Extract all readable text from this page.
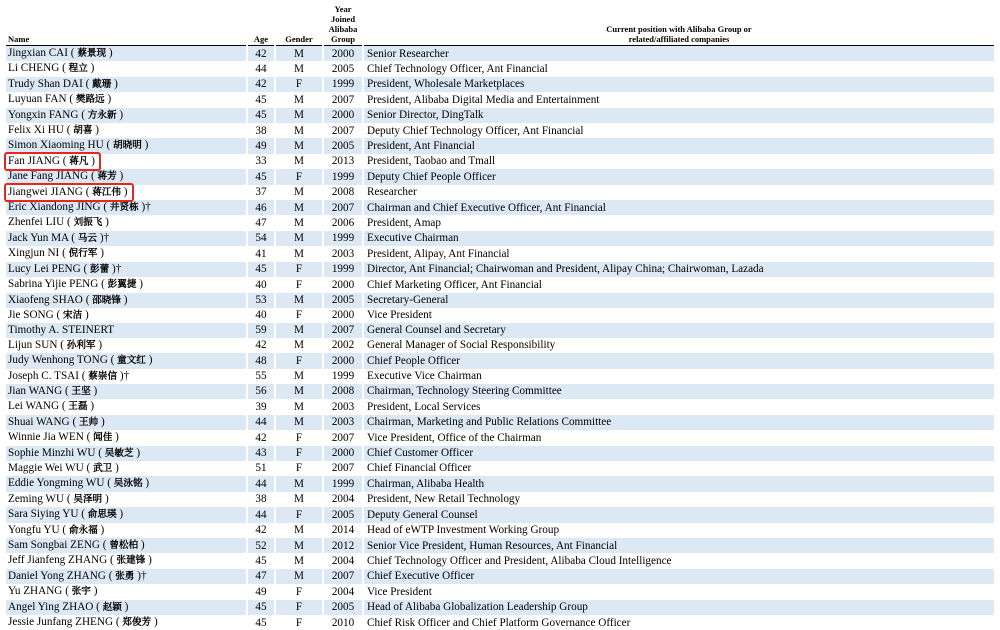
Name	Age	Gender	Year
Joined
Alibaba
Group	Current position with Alibaba Group or
related/affiliated companies

Jingxian CAI ( 蔡景现 )	42	M	2000	Senior Researcher
Li CHENG ( 程立 )	44	M	2005	Chief Technology Officer, Ant Financial
Trudy Shan DAI ( 戴珊 )	42	F	1999	President, Wholesale Marketplaces
Luyuan FAN ( 樊路远 )	45	M	2007	President, Alibaba Digital Media and Entertainment
Yongxin FANG ( 方永新 )	45	M	2000	Senior Director, DingTalk
Felix Xi HU ( 胡喜 )	38	M	2007	Deputy Chief Technology Officer, Ant Financial
Simon Xiaoming HU ( 胡晓明 )	49	M	2005	President, Ant Financial
Fan JIANG ( 蒋凡 )	33	M	2013	President, Taobao and Tmall
Jane Fang JIANG ( 蒋芳 )	45	F	1999	Deputy Chief People Officer
Jiangwei JIANG ( 蒋江伟 )	37	M	2008	Researcher
Eric Xiandong JING ( 井贤栋 )†	46	M	2007	Chairman and Chief Executive Officer, Ant Financial
Zhenfei LIU ( 刘振飞 )	47	M	2006	President, Amap
Jack Yun MA ( 马云 )†	54	M	1999	Executive Chairman
Xingjun NI ( 倪行军 )	41	M	2003	President, Alipay, Ant Financial
Lucy Lei PENG ( 彭蕾 )†	45	F	1999	Director, Ant Financial; Chairwoman and President, Alipay China; Chairwoman, Lazada
Sabrina Yijie PENG ( 彭翼捷 )	40	F	2000	Chief Marketing Officer, Ant Financial
Xiaofeng SHAO ( 邵晓锋 )	53	M	2005	Secretary-General
Jie SONG ( 宋洁 )	40	F	2000	Vice President
Timothy A. STEINERT	59	M	2007	General Counsel and Secretary
Lijun SUN ( 孙利军 )	42	M	2002	General Manager of Social Responsibility
Judy Wenhong TONG ( 童文红 )	48	F	2000	Chief People Officer
Joseph C. TSAI ( 蔡崇信 )†	55	M	1999	Executive Vice Chairman
Jian WANG ( 王坚 )	56	M	2008	Chairman, Technology Steering Committee
Lei WANG ( 王磊 )	39	M	2003	President, Local Services
Shuai WANG ( 王帅 )	44	M	2003	Chairman, Marketing and Public Relations Committee
Winnie Jia WEN ( 闻佳 )	42	F	2007	Vice President, Office of the Chairman
Sophie Minzhi WU ( 吴敏芝 )	43	F	2000	Chief Customer Officer
Maggie Wei WU ( 武卫 )	51	F	2007	Chief Financial Officer
Eddie Yongming WU ( 吴泳铭 )	44	M	1999	Chairman, Alibaba Health
Zeming WU ( 吴泽明 )	38	M	2004	President, New Retail Technology
Sara Siying YU ( 俞思瑛 )	44	F	2005	Deputy General Counsel
Yongfu YU ( 俞永福 )	42	M	2014	Head of eWTP Investment Working Group
Sam Songbai ZENG ( 曾松柏 )	52	M	2012	Senior Vice President, Human Resources, Ant Financial
Jeff Jianfeng ZHANG ( 张建锋 )	45	M	2004	Chief Technology Officer and President, Alibaba Cloud Intelligence
Daniel Yong ZHANG ( 张勇 )†	47	M	2007	Chief Executive Officer
Yu ZHANG ( 张宇 )	49	F	2004	Vice President
Angel Ying ZHAO ( 赵颖 )	45	F	2005	Head of Alibaba Globalization Leadership Group
Jessie Junfang ZHENG ( 郑俊芳 )	45	F	2010	Chief Risk Officer and Chief Platform Governance Officer
